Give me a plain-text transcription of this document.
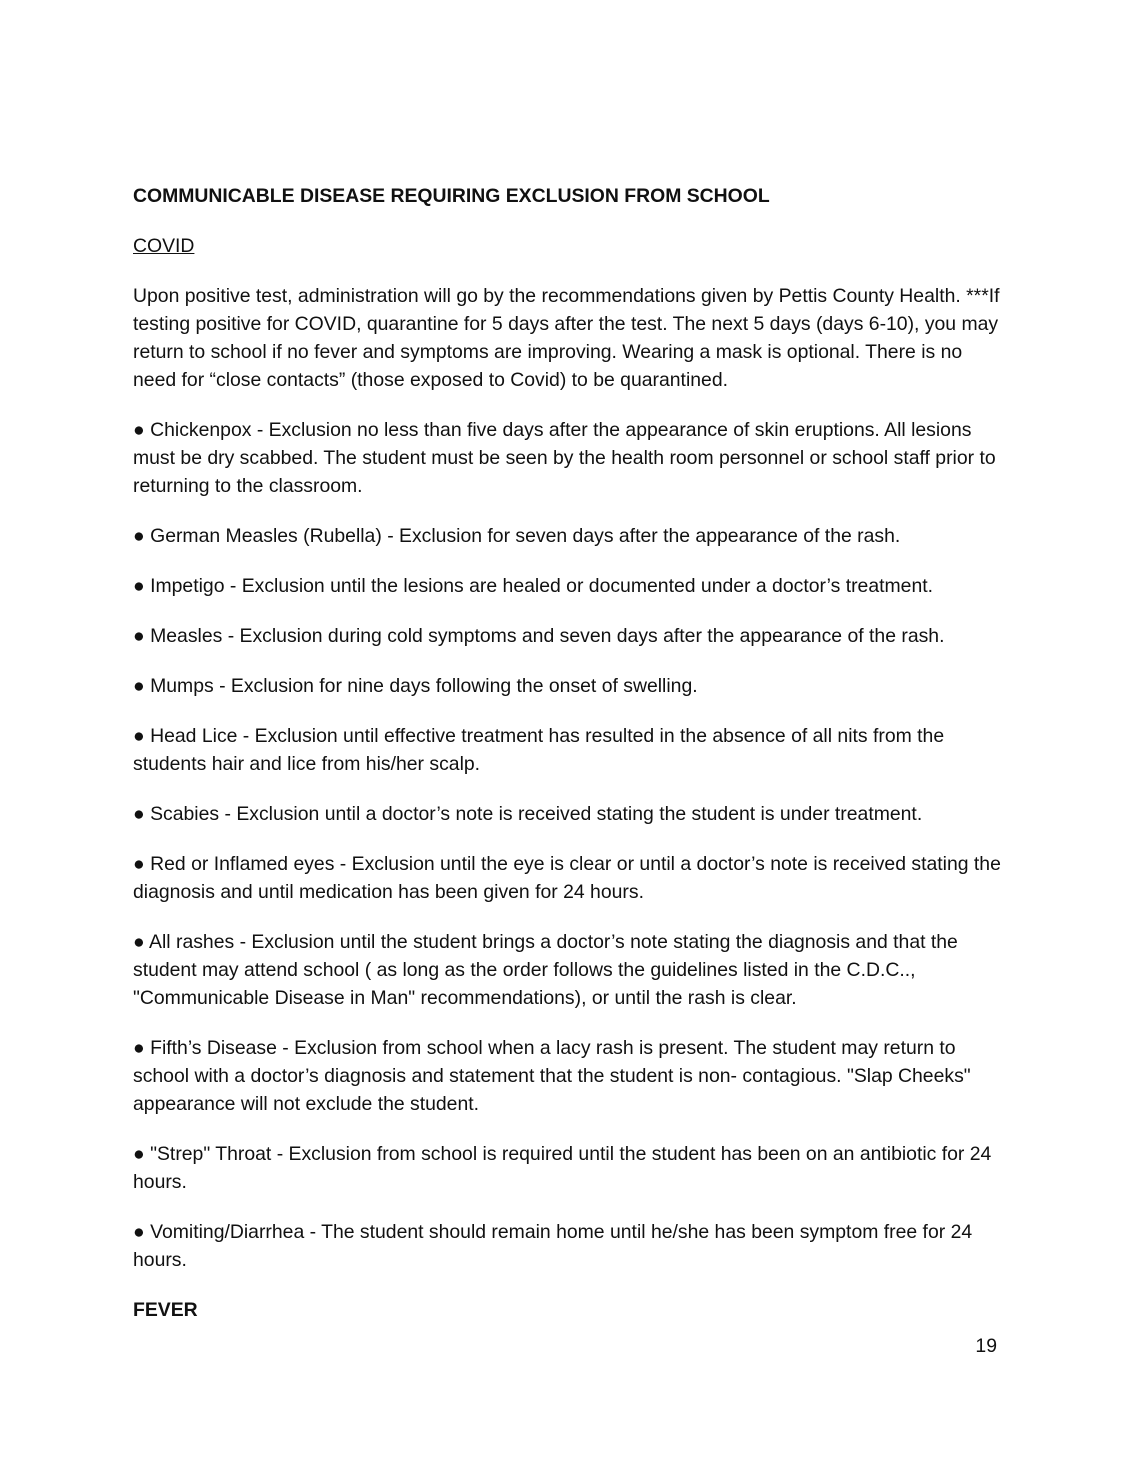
COMMUNICABLE DISEASE REQUIRING EXCLUSION FROM SCHOOL

COVID

Upon positive test, administration will go by the recommendations given by Pettis County Health. ***If testing positive for COVID, quarantine for 5 days after the test. The next 5 days (days 6-10), you may return to school if no fever and symptoms are improving. Wearing a mask is optional. There is no need for “close contacts” (those exposed to Covid) to be quarantined.

● Chickenpox - Exclusion no less than five days after the appearance of skin eruptions. All lesions must be dry scabbed. The student must be seen by the health room personnel or school staff prior to returning to the classroom.

● German Measles (Rubella) - Exclusion for seven days after the appearance of the rash.

● Impetigo - Exclusion until the lesions are healed or documented under a doctor’s treatment.

● Measles - Exclusion during cold symptoms and seven days after the appearance of the rash.

● Mumps - Exclusion for nine days following the onset of swelling.

● Head Lice - Exclusion until effective treatment has resulted in the absence of all nits from the students hair and lice from his/her scalp.

● Scabies - Exclusion until a doctor’s note is received stating the student is under treatment.

● Red or Inflamed eyes - Exclusion until the eye is clear or until a doctor’s note is received stating the diagnosis and until medication has been given for 24 hours.

● All rashes - Exclusion until the student brings a doctor’s note stating the diagnosis and that the student may attend school ( as long as the order follows the guidelines listed in the C.D.C.., "Communicable Disease in Man" recommendations), or until the rash is clear.

● Fifth’s Disease - Exclusion from school when a lacy rash is present. The student may return to school with a doctor’s diagnosis and statement that the student is non- contagious. "Slap Cheeks" appearance will not exclude the student.

● "Strep" Throat - Exclusion from school is required until the student has been on an antibiotic for 24 hours.

● Vomiting/Diarrhea - The student should remain home until he/she has been symptom free for 24 hours.

FEVER

19
